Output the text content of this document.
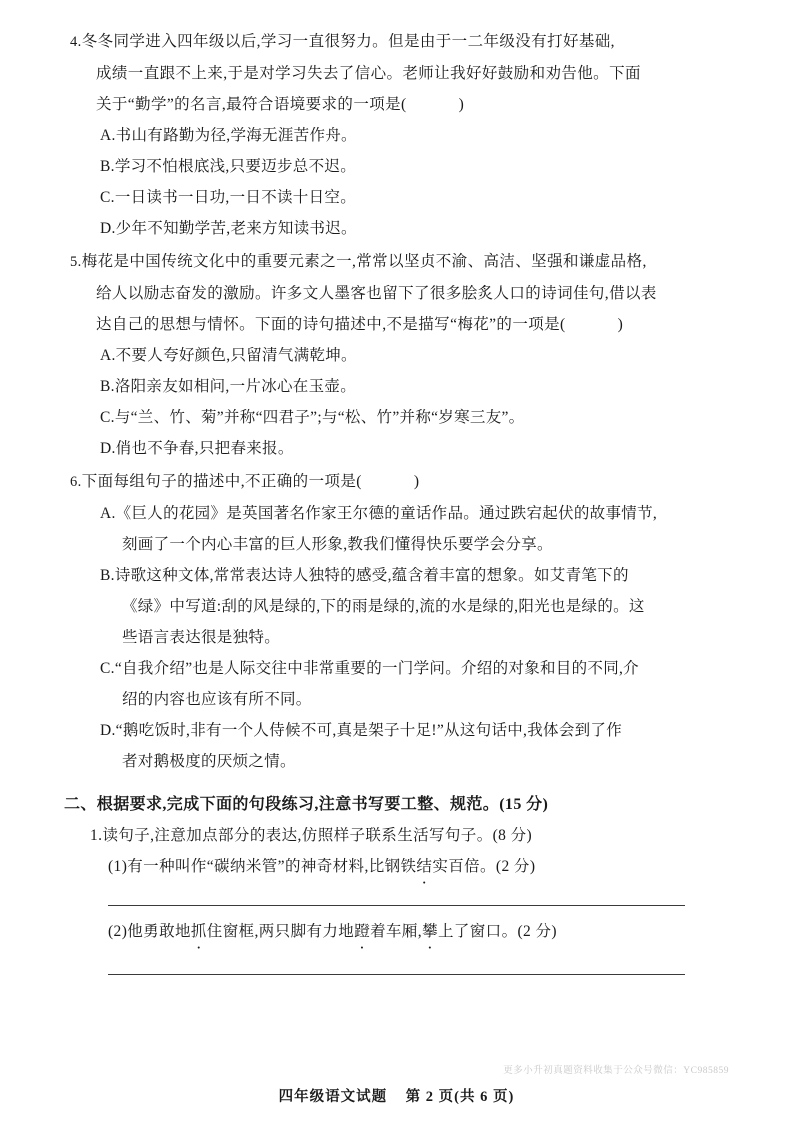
4.冬冬同学进入四年级以后,学习一直很努力。但是由于一二年级没有打好基础,
成绩一直跟不上来,于是对学习失去了信心。老师让我好好鼓励和劝告他。下面
关于“勤学”的名言,最符合语境要求的一项是(	)
A.书山有路勤为径,学海无涯苦作舟。
B.学习不怕根底浅,只要迈步总不迟。
C.一日读书一日功,一日不读十日空。
D.少年不知勤学苦,老来方知读书迟。
5.梅花是中国传统文化中的重要元素之一,常常以坚贞不渝、高洁、坚强和谦虚品格,
给人以励志奋发的激励。许多文人墨客也留下了很多脍炙人口的诗词佳句,借以表
达自己的思想与情怀。下面的诗句描述中,不是描写“梅花”的一项是(	)
A.不要人夸好颜色,只留清气满乾坤。
B.洛阳亲友如相问,一片冰心在玉壶。
C.与“兰、竹、菊”并称“四君子”;与“松、竹”并称“岁寒三友”。
D.俏也不争春,只把春来报。
6.下面每组句子的描述中,不正确的一项是(	)
A.《巨人的花园》是英国著名作家王尔德的童话作品。通过跌宕起伏的故事情节,
刻画了一个内心丰富的巨人形象,教我们懂得快乐要学会分享。
B.诗歌这种文体,常常表达诗人独特的感受,蕴含着丰富的想象。如艾青笔下的
《绿》中写道:刮的风是绿的,下的雨是绿的,流的水是绿的,阳光也是绿的。这
些语言表达很是独特。
C.“自我介绍”也是人际交往中非常重要的一门学问。介绍的对象和目的不同,介
绍的内容也应该有所不同。
D.“鹅吃饭时,非有一个人侍候不可,真是架子十足!”从这句话中,我体会到了作
者对鹅极度的厌烦之情。
二、根据要求,完成下面的句段练习,注意书写要工整、规范。(15 分)
1.读句子,注意加点部分的表达,仿照样子联系生活写句子。(8 分)
(1)有一种叫作“碳纳米管”的神奇材料,比钢铁结实百倍 ·。(2 分)
(2)他勇敢地抓住窗框,两只脚有力地蹬着车厢,攀上了窗口。(2 分)
更多小升初真题资料收集于公众号微信：YC985859
四年级语文试题 第 2 页(共 6 页)
